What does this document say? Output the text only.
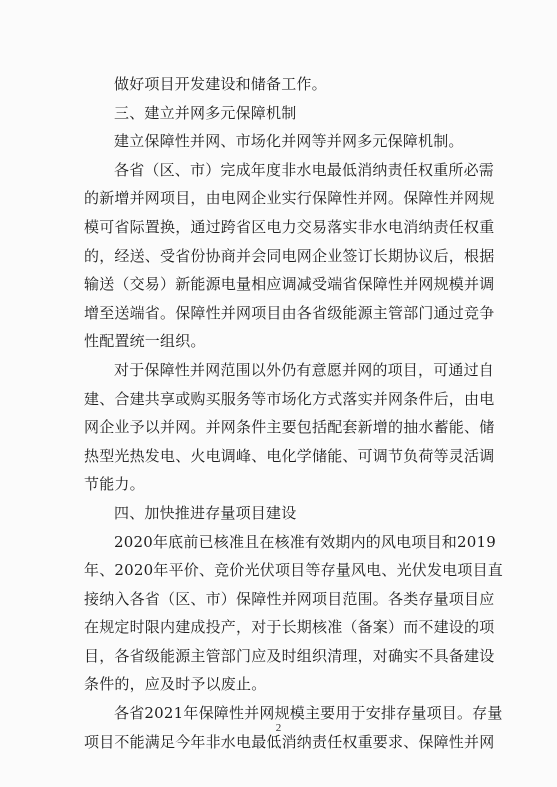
做好项目开发建设和储备工作。
三、建立并网多元保障机制
建立保障性并网、市场化并网等并网多元保障机制。
各省（区、市）完成年度非水电最低消纳责任权重所必需
的新增并网项目，由电网企业实行保障性并网。保障性并网规
模可省际置换，通过跨省区电力交易落实非水电消纳责任权重
的，经送、受省份协商并会同电网企业签订长期协议后，根据
输送（交易）新能源电量相应调减受端省保障性并网规模并调
增至送端省。保障性并网项目由各省级能源主管部门通过竞争
性配置统一组织。
对于保障性并网范围以外仍有意愿并网的项目，可通过自
建、合建共享或购买服务等市场化方式落实并网条件后，由电
网企业予以并网。并网条件主要包括配套新增的抽水蓄能、储
热型光热发电、火电调峰、电化学储能、可调节负荷等灵活调
节能力。
四、加快推进存量项目建设
2020年底前已核准且在核准有效期内的风电项目和2019
年、2020年平价、竞价光伏项目等存量风电、光伏发电项目直
接纳入各省（区、市）保障性并网项目范围。各类存量项目应
在规定时限内建成投产，对于长期核准（备案）而不建设的项
目，各省级能源主管部门应及时组织清理，对确实不具备建设
条件的，应及时予以废止。
各省2021年保障性并网规模主要用于安排存量项目。存量
项目不能满足今年非水电最低消纳责任权重要求、保障性并网
2
